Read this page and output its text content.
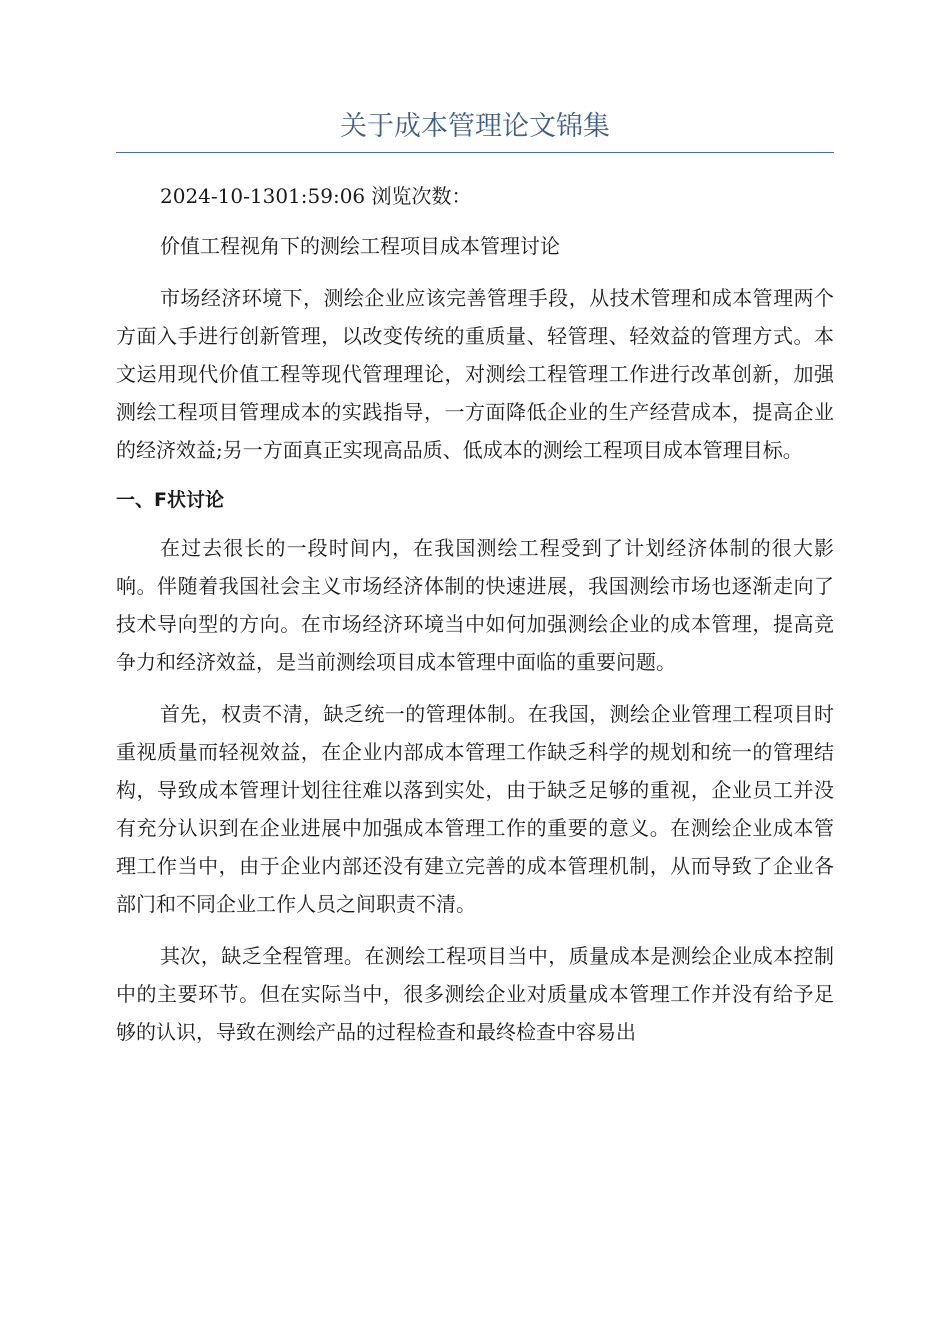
关于成本管理论文锦集

2024-10-1301:59:06 浏览次数：

价值工程视角下的测绘工程项目成本管理讨论

市场经济环境下，测绘企业应该完善管理手段，从技术管理和成本管理两个方面入手进行创新管理，以改变传统的重质量、轻管理、轻效益的管理方式。本文运用现代价值工程等现代管理理论，对测绘工程管理工作进行改革创新，加强测绘工程项目管理成本的实践指导，一方面降低企业的生产经营成本，提高企业的经济效益;另一方面真正实现高品质、低成本的测绘工程项目成本管理目标。

一、F状讨论

在过去很长的一段时间内，在我国测绘工程受到了计划经济体制的很大影响。伴随着我国社会主义市场经济体制的快速进展，我国测绘市场也逐渐走向了技术导向型的方向。在市场经济环境当中如何加强测绘企业的成本管理，提高竞争力和经济效益，是当前测绘项目成本管理中面临的重要问题。

首先，权责不清，缺乏统一的管理体制。在我国，测绘企业管理工程项目时重视质量而轻视效益，在企业内部成本管理工作缺乏科学的规划和统一的管理结构，导致成本管理计划往往难以落到实处，由于缺乏足够的重视，企业员工并没有充分认识到在企业进展中加强成本管理工作的重要的意义。在测绘企业成本管理工作当中，由于企业内部还没有建立完善的成本管理机制，从而导致了企业各部门和不同企业工作人员之间职责不清。

其次，缺乏全程管理。在测绘工程项目当中，质量成本是测绘企业成本控制中的主要环节。但在实际当中，很多测绘企业对质量成本管理工作并没有给予足够的认识，导致在测绘产品的过程检查和最终检查中容易出
